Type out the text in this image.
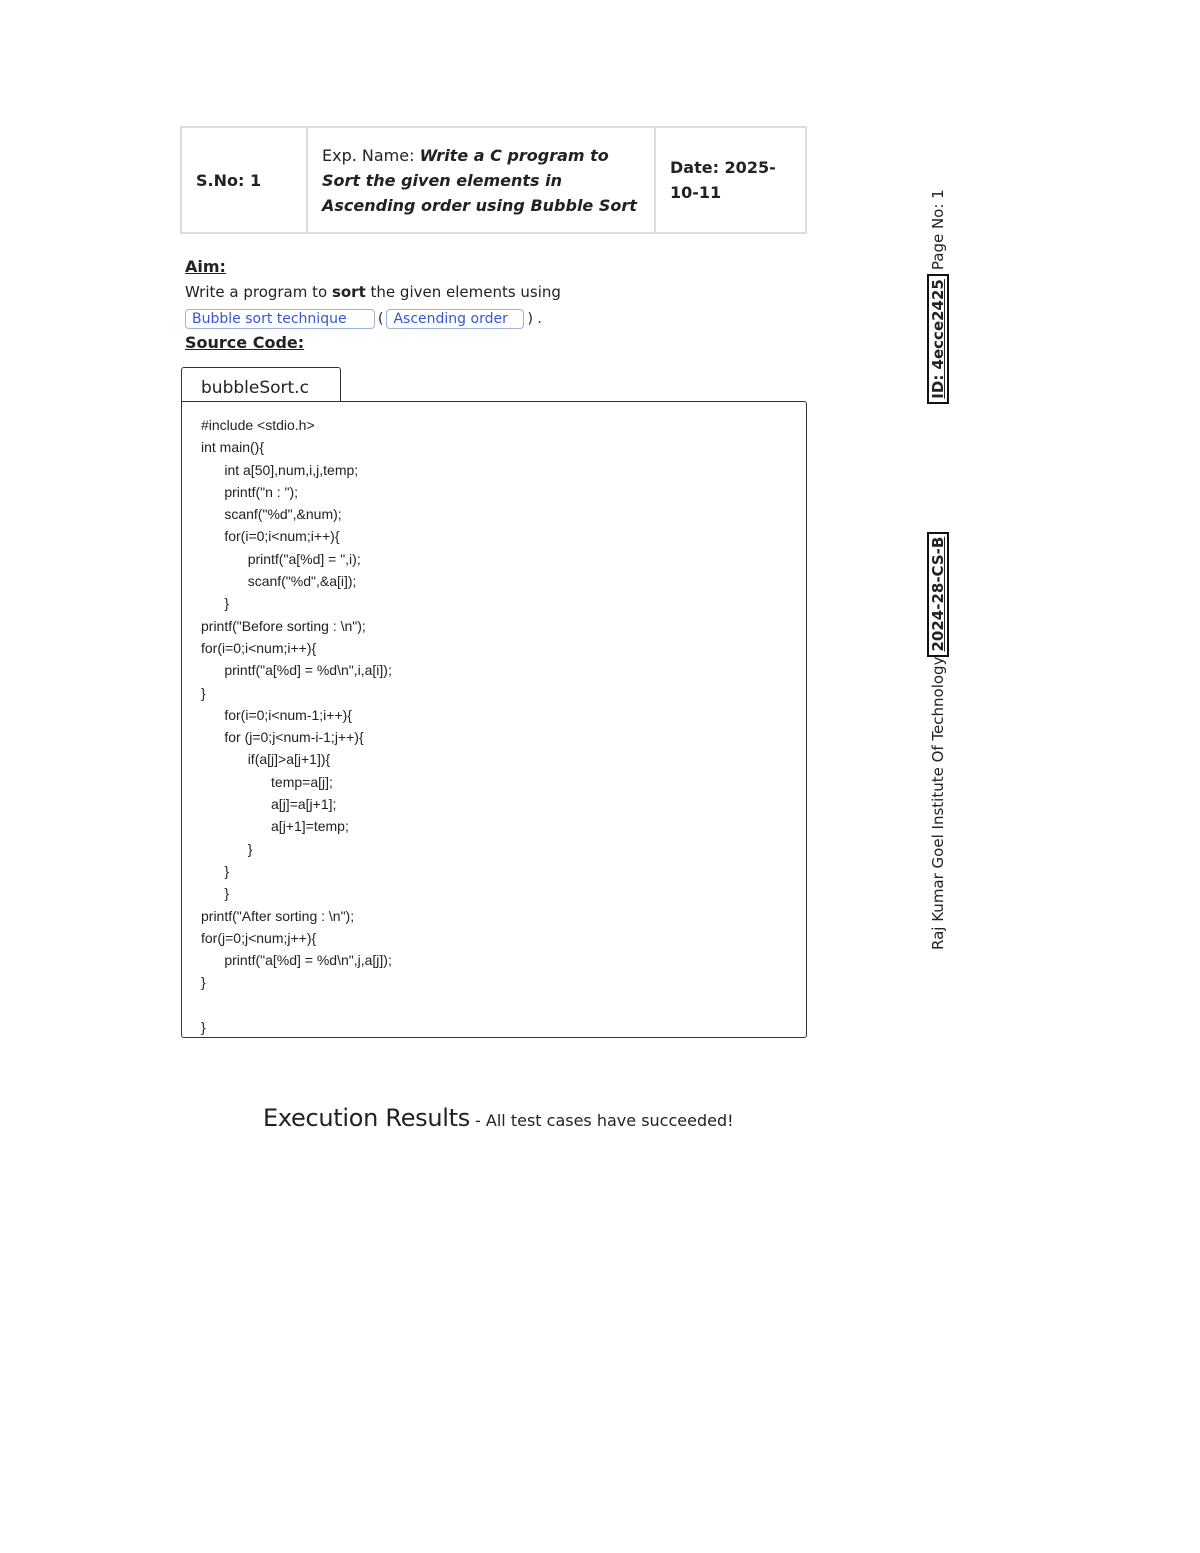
S.No: 1	Exp. Name: Write a C program to Sort the given elements in Ascending order using Bubble Sort	Date: 2025-10-11
Aim:
Write a program to sort the given elements using
Bubble sort technique	( Ascending order	) .
Source Code:
bubbleSort.c
#include <stdio.h>
int main(){
	int a[50],num,i,j,temp;
	printf("n : ");
	scanf("%d",&num);
	for(i=0;i<num;i++){
		printf("a[%d] = ",i);
		scanf("%d",&a[i]);
	}
printf("Before sorting : \n");
for(i=0;i<num;i++){
	printf("a[%d] = %d\n",i,a[i]);
}
	for(i=0;i<num-1;i++){
	for (j=0;j<num-i-1;j++){
		if(a[j]>a[j+1]){
			temp=a[j];
			a[j]=a[j+1];
			a[j+1]=temp;
		}
	}
	}
printf("After sorting : \n");
for(j=0;j<num;j++){
	printf("a[%d] = %d\n",j,a[j]);
}

}
Execution Results - All test cases have succeeded!
Raj Kumar Goel Institute Of Technology
2024-28-CS-B
ID: 4ecce2425
Page No: 1
